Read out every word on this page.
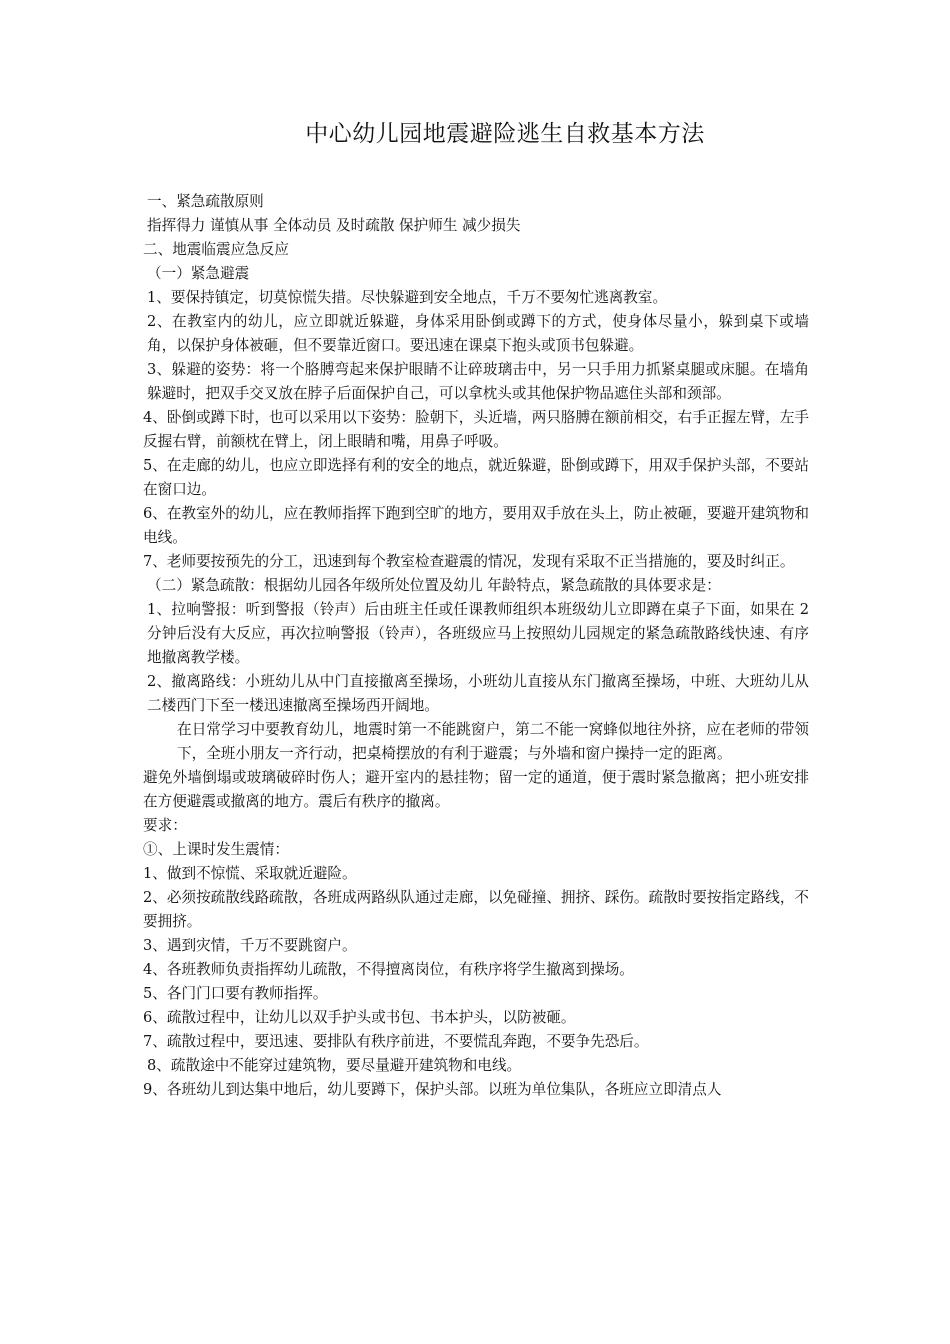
中心幼儿园地震避险逃生自救基本方法

一、紧急疏散原则

指挥得力 谨慎从事 全体动员 及时疏散 保护师生 减少损失

二、地震临震应急反应

（一）紧急避震

1、要保持镇定，切莫惊慌失措。尽快躲避到安全地点，千万不要匆忙逃离教室。

2、在教室内的幼儿，应立即就近躲避，身体采用卧倒或蹲下的方式，使身体尽量小，躲到桌下或墙角，以保护身体被砸，但不要靠近窗口。要迅速在课桌下抱头或顶书包躲避。

3、躲避的姿势：将一个胳膊弯起来保护眼睛不让碎玻璃击中，另一只手用力抓紧桌腿或床腿。在墙角躲避时，把双手交叉放在脖子后面保护自己，可以拿枕头或其他保护物品遮住头部和颈部。

4、卧倒或蹲下时，也可以采用以下姿势：脸朝下，头近墙，两只胳膊在额前相交，右手正握左臂，左手反握右臂，前额枕在臂上，闭上眼睛和嘴，用鼻子呼吸。

5、在走廊的幼儿，也应立即选择有利的安全的地点，就近躲避，卧倒或蹲下，用双手保护头部，不要站在窗口边。

6、在教室外的幼儿，应在教师指挥下跑到空旷的地方，要用双手放在头上，防止被砸，要避开建筑物和电线。

7、老师要按预先的分工，迅速到每个教室检查避震的情况，发现有采取不正当措施的，要及时纠正。

（二）紧急疏散：根据幼儿园各年级所处位置及幼儿 年龄特点，紧急疏散的具体要求是：

1、拉响警报：听到警报（铃声）后由班主任或任课教师组织本班级幼儿立即蹲在桌子下面，如果在 2 分钟后没有大反应，再次拉响警报（铃声），各班级应马上按照幼儿园规定的紧急疏散路线快速、有序地撤离教学楼。

2、撤离路线：小班幼儿从中门直接撤离至操场，小班幼儿直接从东门撤离至操场，中班、大班幼儿从二楼西门下至一楼迅速撤离至操场西开阔地。

在日常学习中要教育幼儿，地震时第一不能跳窗户，第二不能一窝蜂似地往外挤，应在老师的带领下，全班小朋友一齐行动，把桌椅摆放的有利于避震；与外墙和窗户操持一定的距离。

避免外墙倒塌或玻璃破碎时伤人；避开室内的悬挂物；留一定的通道，便于震时紧急撤离；把小班安排在方便避震或撤离的地方。震后有秩序的撤离。

要求：

①、上课时发生震情：

1、做到不惊慌、采取就近避险。

2、必须按疏散线路疏散，各班成两路纵队通过走廊，以免碰撞、拥挤、踩伤。疏散时要按指定路线，不要拥挤。

3、遇到灾情，千万不要跳窗户。

4、各班教师负责指挥幼儿疏散，不得擅离岗位，有秩序将学生撤离到操场。

5、各门门口要有教师指挥。

6、疏散过程中，让幼儿以双手护头或书包、书本护头，以防被砸。

7、疏散过程中，要迅速、要排队有秩序前进，不要慌乱奔跑，不要争先恐后。

8、疏散途中不能穿过建筑物，要尽量避开建筑物和电线。

9、各班幼儿到达集中地后，幼儿要蹲下，保护头部。以班为单位集队，各班应立即清点人
